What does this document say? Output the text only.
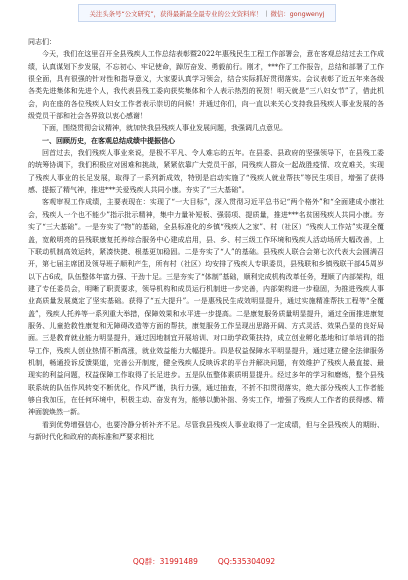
关注头条号“公文研究”，获得最新最全最专业的公文资料库！ | 微信：gongwenyj

同志们：

今天，我们在这里召开全县残疾人工作总结表彰暨2022年惠残民生工程工作部署会，意在客观总结过去工作成绩，认真谋划下步发展，不忘初心、牢记使命，踔厉奋发、勇毅前行。刚才，***作了工作报告，总结和部署了工作很全面，具有很强的针对性和指导意义，大家要认真学习领会，结合实际抓好贯彻落实。会议表彰了近五年来各级各类先进集体和先进个人，我代表县残工委向获奖集体和个人表示热烈的祝贺！明天就是“三八妇女节”了，借此机会，向在座的各位残疾人妇女工作者表示崇切的问候！并通过你们，向一直以来关心支持我县残疾人事业发展的各级党员干部和社会各界致以衷心感谢！

下面，围绕贯彻会议精神，就加快我县残疾人事业发展问题，我强调几点意见。

一、回顾历史，在客观总结成绩中提振信心

回首过去，我们残疾人事业来说，是极不平凡、令人难忘的五年。在县委、县政府的坚强领导下，在县残工委的统筹协调下，我们积极应对困难和挑战，紧紧依靠广大党员干部，同残疾人群众一起战胜疫情、攻克难关，实现了残疾人事业的长足发展，取得了一系列新成效，特别是启动实施了“残疾人就业帮扶”等民生项目，增强了获得感、提振了精气神，推进***关爱残疾人共同小康。夯实了“三大基础”。

客观审视工作成绩，主要表现在：实现了“一大目标”，深入贯彻习近平总书记“两个格外”和“全面建成小康社会，残疾人一个也不能少”指示批示精神，集中力量补短板、强弱项、提质量，推进***名贫困残疾人共同小康。夯实了“三大基础”。一是夯实了“物”的基础，全县标准化的乡镇“残疾人之家”、村（社区）“残疾人工作站”实现全覆盖，宽敞明亮的县残联康复托养综合服务中心建成启用，县、乡、村三级工作环境和残疾人活动场所大幅改善，上下联动机制高效运转，紧凑快捷、根基更加稳固。二是夯实了“人”的基础。县残疾人联合会第七次代表大会圆满召开，第七届主席团及领导班子顺利产生，所有村（社区）均安排了残疾人专职委员，县残联和乡镇残联干部45周岁以下占6成，队伍整体年富力强、干劲十足。三是夯实了“体制”基础，顺利完成机构改革任务，理顺了内部架构，组建了专任委员会，明晰了职责要求，领导机构和成员运行机制进一步完善，内部架构进一步稳固，为推进残疾人事业高质量发展奠定了坚实基础。获得了“五大提升”。一是惠残民生成效明显提升，通过实施精准帮扶工程等“全覆盖”，残疾人托养等一系列重大举措，保障效果和水平进一步提高。二是康复服务质量明显提升，通过全面推进康复服务、儿童抢救性康复和无障碍改造等方面的帮扶，康复服务工作呈现出思路开阔、方式灵活、效果凸显的良好局面。三是教育就业能力明显提升，通过因地制宜开展培训、对口助学政策扶持，成立创业孵化基地和订单培训的指导工作，残疾人创业热情不断高涨，就业效益能力大幅提升。四是权益保障水平明显提升，通过建立健全法律服务机制，畅通投诉反馈渠道，完善公开制度，健全残疾人反映诉求的平台并解决问题，有效维护了残疾人最直接、最现实的利益问题，权益保障工作取得了长足进步。五是队伍整体素质明显提升。经过多年的学习和磨炼，整个县残联系统的队伍作风转变不断优化，作风严谨，执行力强，通过抽查，不折不扣贯彻落实，绝大部分残疾人工作者能够自我加压，在任何环境中，积极主动、奋发有为，能够以勤补拙、务实工作，增强了残疾人工作者的获得感、精神面貌焕然一新。

看到优势增强信心，也要冷静分析补齐不足。尽管我县残疾人事业取得了一定成绩，但与全县残疾人的期盼、与新时代化和政府的高标准和严要求相比

QQ群：31991489	QQ:535304092
